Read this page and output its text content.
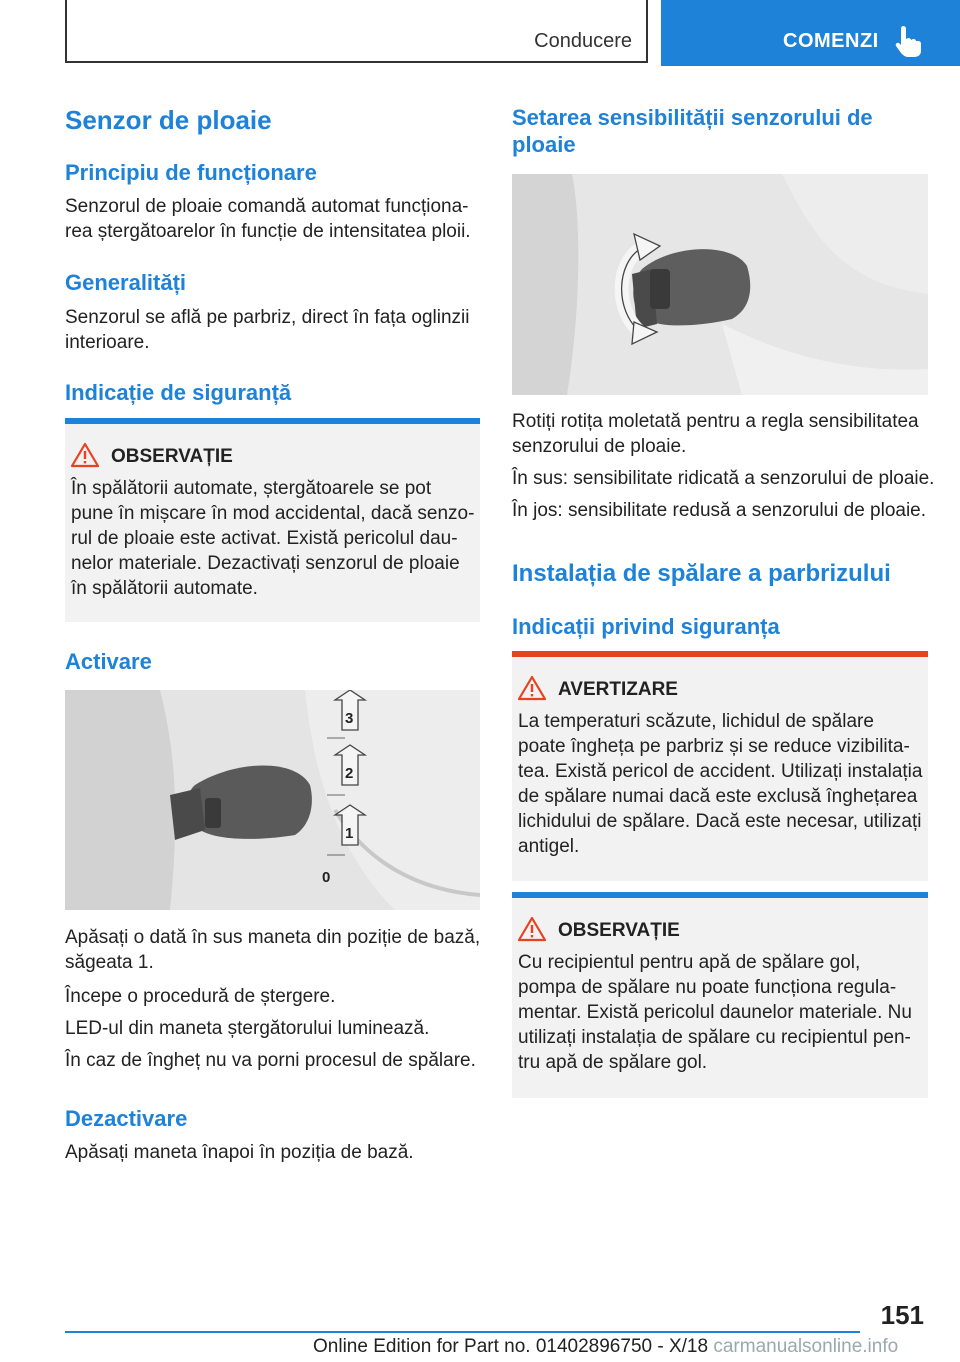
Conducere	COMENZI
Senzor de ploaie
Principiu de funcționare
Senzorul de ploaie comandă automat funcționa-
rea ștergătoarelor în funcție de intensitatea ploii.
Generalități
Senzorul se află pe parbriz, direct în fața oglinzii
interioare.
Indicație de siguranță
OBSERVAȚIE
În spălătorii automate, ștergătoarele se pot
pune în mișcare în mod accidental, dacă senzo-
rul de ploaie este activat. Există pericolul dau-
nelor materiale. Dezactivați senzorul de ploaie
în spălătorii automate.
Activare
3
2
1
0
Apăsați o dată în sus maneta din poziție de bază,
săgeata 1.
Începe o procedură de ștergere.
LED-ul din maneta ștergătorului luminează.
În caz de îngheț nu va porni procesul de spălare.
Dezactivare
Apăsați maneta înapoi în poziția de bază.
Setarea sensibilității senzorului de
ploaie
Rotiți rotița moletată pentru a regla sensibilitatea
senzorului de ploaie.
În sus: sensibilitate ridicată a senzorului de ploaie.
În jos: sensibilitate redusă a senzorului de ploaie.
Instalația de spălare a parbrizului
Indicații privind siguranța
AVERTIZARE
La temperaturi scăzute, lichidul de spălare
poate îngheța pe parbriz și se reduce vizibilita-
tea. Există pericol de accident. Utilizați instalația
de spălare numai dacă este exclusă înghețarea
lichidului de spălare. Dacă este necesar, utilizați
antigel.
OBSERVAȚIE
Cu recipientul pentru apă de spălare gol,
pompa de spălare nu poate funcționa regula-
mentar. Există pericolul daunelor materiale. Nu
utilizați instalația de spălare cu recipientul pen-
tru apă de spălare gol.
151
Online Edition for Part no. 01402896750 - X/18 carmanualsonline.info
